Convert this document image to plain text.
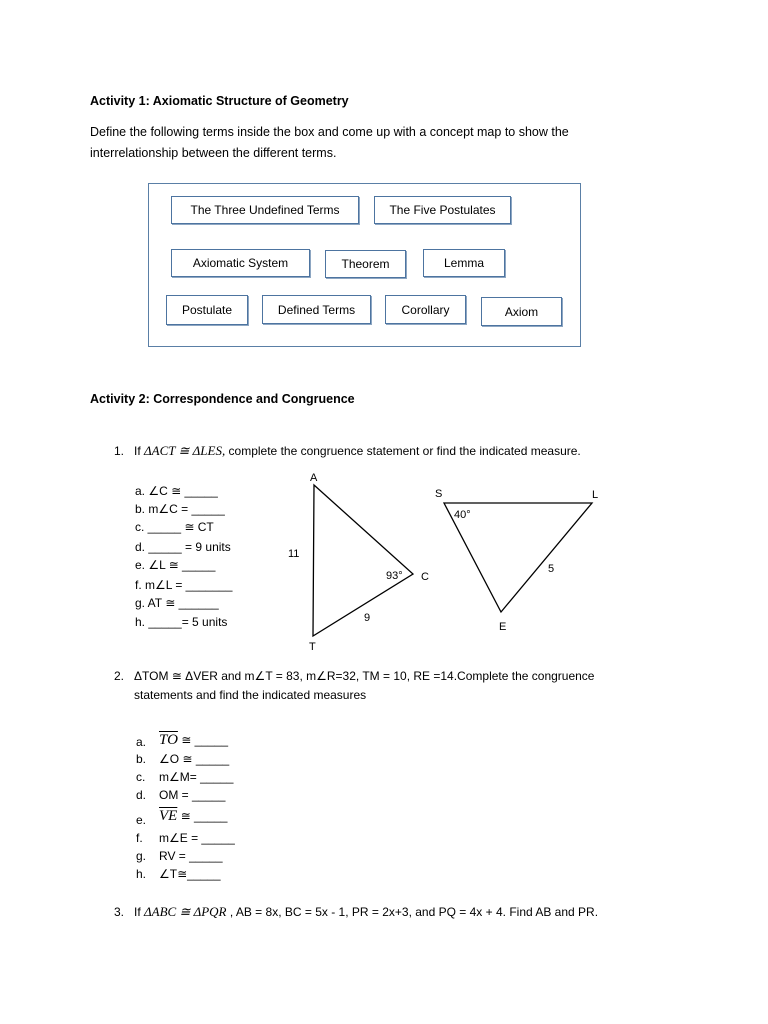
Activity 1: Axiomatic Structure of Geometry
Define the following terms inside the box and come up with a concept map to show the
interrelationship between the different terms.
The Three Undefined Terms	The Five Postulates
Axiomatic System	Theorem	Lemma
Postulate	Defined Terms	Corollary	Axiom
Activity 2: Correspondence and Congruence
1. If ΔACT ≅ ΔLES, complete the congruence statement or find the indicated measure.
a. ∠C ≅ _____
b. m∠C = _____
c. _____ ≅ CT
d. _____ = 9 units
e. ∠L ≅ _____
f. m∠L = _______
g. AT ≅ ______
h. _____= 5 units
A
C
T
11
9
93°
S	L
E
40°
5
2. ΔTOM ≅ ΔVER and m∠T = 83, m∠R=32, TM = 10, RE =14.Complete the congruence
statements and find the indicated measures
a. $\overline{TO}$ ≅ _____
b. ∠O ≅ _____
c. m∠M= _____
d. OM = _____
e. $\overline{VE}$ ≅ _____
f. m∠E = _____
g. RV = _____
h. ∠T≅_____
3. If ΔABC ≅ ΔPQR , AB = 8x, BC = 5x - 1, PR = 2x+3, and PQ = 4x + 4. Find AB and PR.
